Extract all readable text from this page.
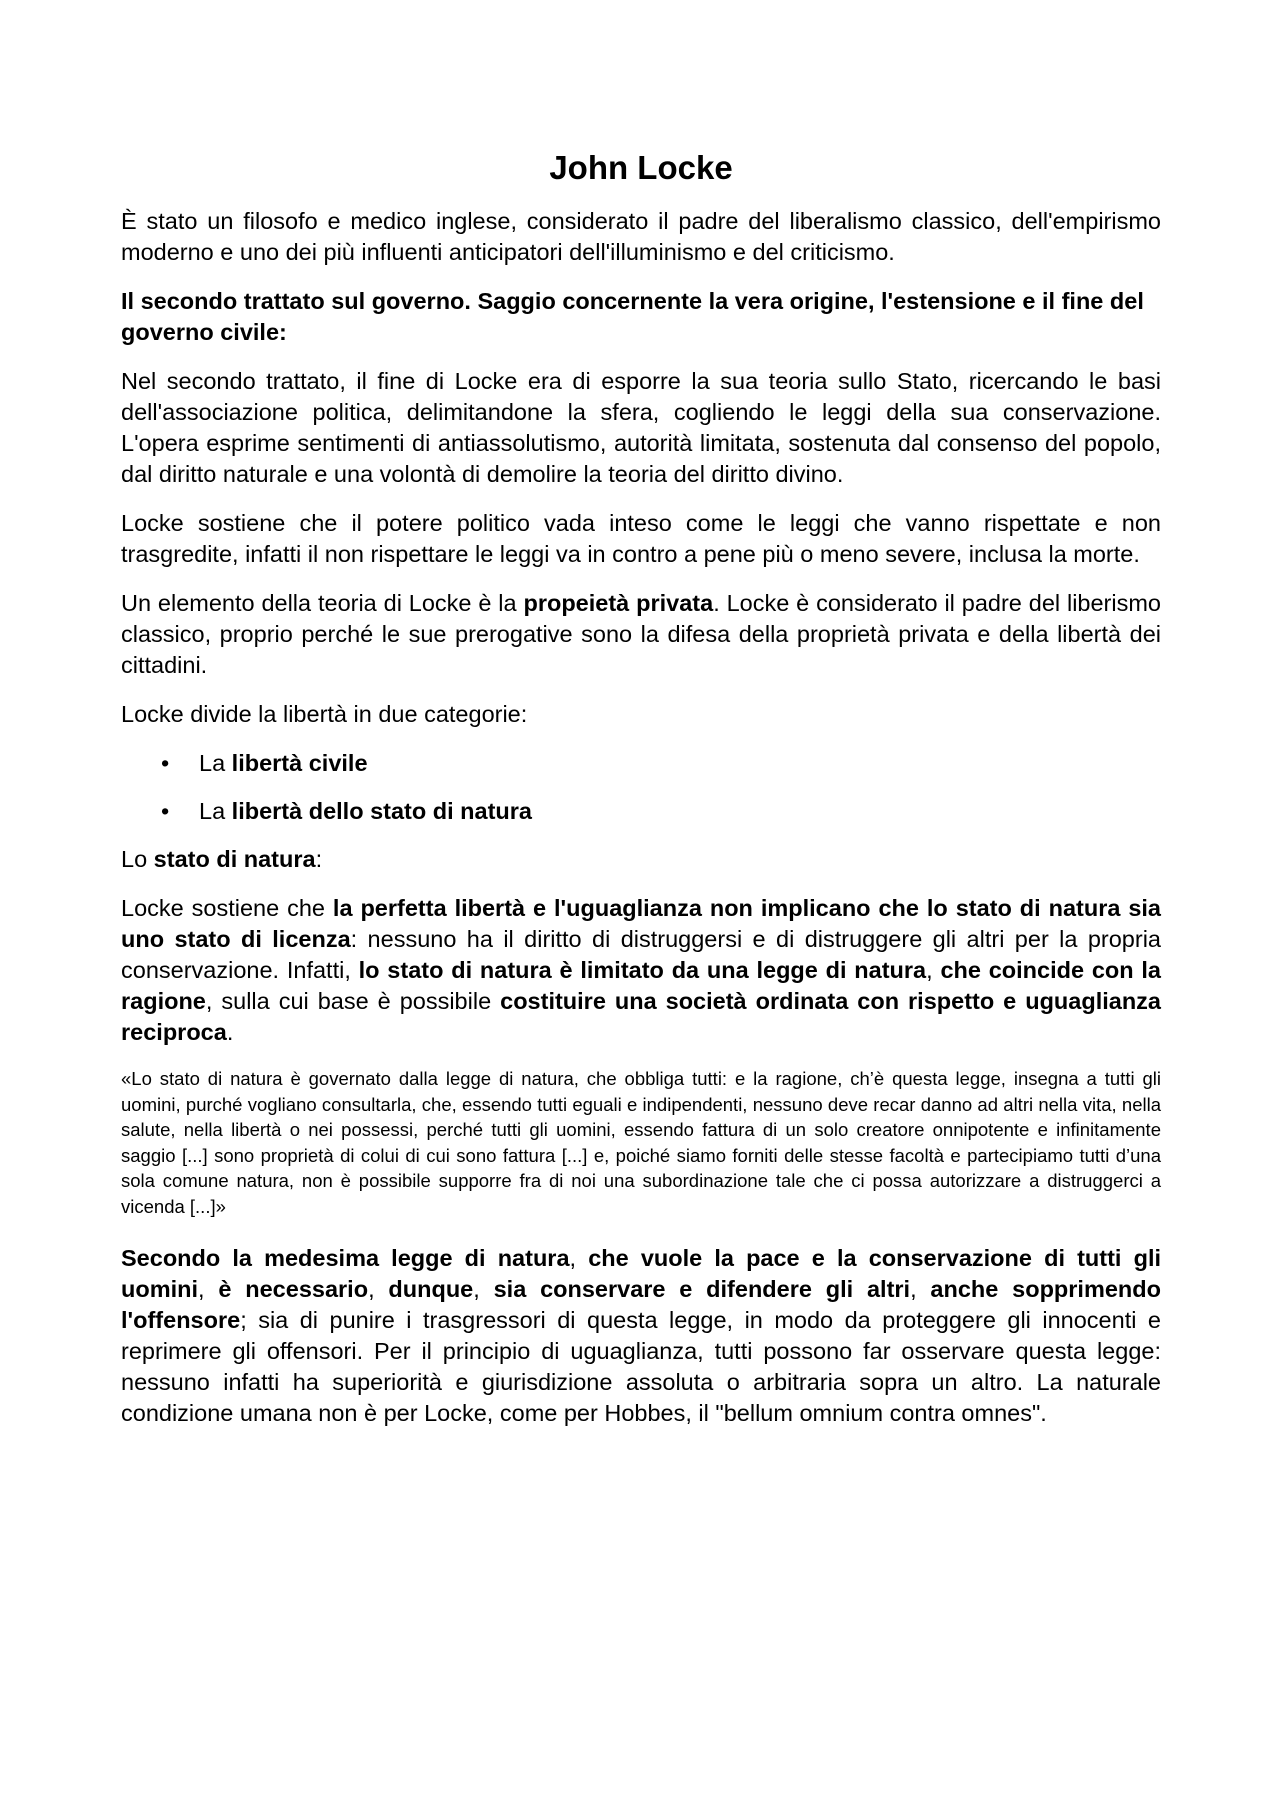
John Locke

È stato un filosofo e medico inglese, considerato il padre del liberalismo classico, dell'empirismo moderno e uno dei più influenti anticipatori dell'illuminismo e del criticismo.

Il secondo trattato sul governo. Saggio concernente la vera origine, l'estensione e il fine del governo civile:

Nel secondo trattato, il fine di Locke era di esporre la sua teoria sullo Stato, ricercando le basi dell'associazione politica, delimitandone la sfera, cogliendo le leggi della sua conservazione. L'opera esprime sentimenti di antiassolutismo, autorità limitata, sostenuta dal consenso del popolo, dal diritto naturale e una volontà di demolire la teoria del diritto divino.

Locke sostiene che il potere politico vada inteso come le leggi che vanno rispettate e non trasgredite, infatti il non rispettare le leggi va in contro a pene più o meno severe, inclusa la morte.

Un elemento della teoria di Locke è la propeietà privata. Locke è considerato il padre del liberismo classico, proprio perché le sue prerogative sono la difesa della proprietà privata e della libertà dei cittadini.

Locke divide la libertà in due categorie:

• La libertà civile
• La libertà dello stato di natura

Lo stato di natura:

Locke sostiene che la perfetta libertà e l'uguaglianza non implicano che lo stato di natura sia uno stato di licenza: nessuno ha il diritto di distruggersi e di distruggere gli altri per la propria conservazione. Infatti, lo stato di natura è limitato da una legge di natura, che coincide con la ragione, sulla cui base è possibile costituire una società ordinata con rispetto e uguaglianza reciproca.

«Lo stato di natura è governato dalla legge di natura, che obbliga tutti: e la ragione, ch’è questa legge, insegna a tutti gli uomini, purché vogliano consultarla, che, essendo tutti eguali e indipendenti, nessuno deve recar danno ad altri nella vita, nella salute, nella libertà o nei possessi, perché tutti gli uomini, essendo fattura di un solo creatore onnipotente e infinitamente saggio [...] sono proprietà di colui di cui sono fattura [...] e, poiché siamo forniti delle stesse facoltà e partecipiamo tutti d’una sola comune natura, non è possibile supporre fra di noi una subordinazione tale che ci possa autorizzare a distruggerci a vicenda [...]»

Secondo la medesima legge di natura, che vuole la pace e la conservazione di tutti gli uomini, è necessario, dunque, sia conservare e difendere gli altri, anche sopprimendo l'offensore; sia di punire i trasgressori di questa legge, in modo da proteggere gli innocenti e reprimere gli offensori. Per il principio di uguaglianza, tutti possono far osservare questa legge: nessuno infatti ha superiorità e giurisdizione assoluta o arbitraria sopra un altro. La naturale condizione umana non è per Locke, come per Hobbes, il "bellum omnium contra omnes".
